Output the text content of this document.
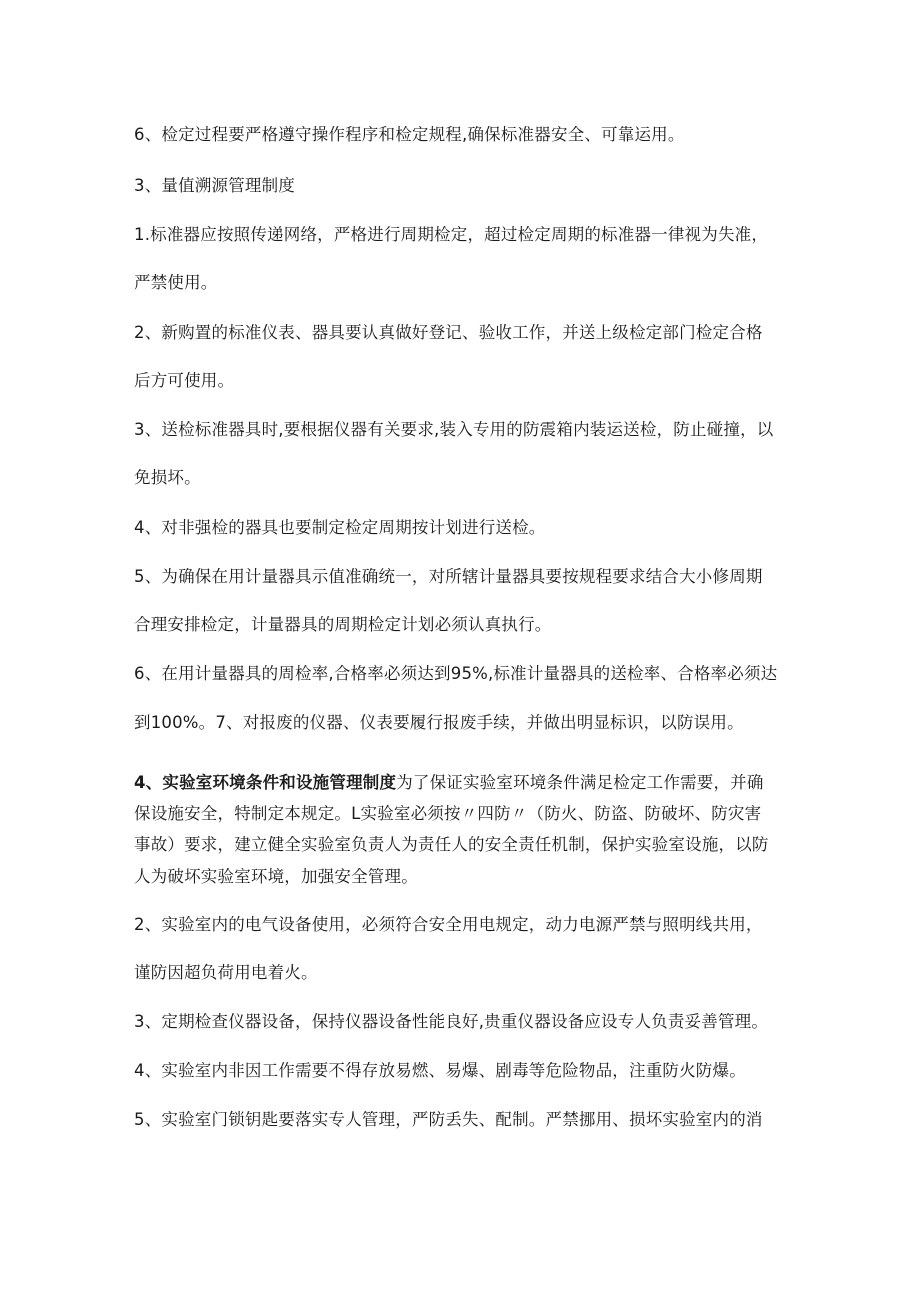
6、检定过程要严格遵守操作程序和检定规程,确保标准器安全、可靠运用。
3、量值溯源管理制度
1.标准器应按照传递网络，严格进行周期检定，超过检定周期的标准器一律视为失准，
严禁使用。
2、新购置的标准仪表、器具要认真做好登记、验收工作，并送上级检定部门检定合格
后方可使用。
3、送检标准器具时,要根据仪器有关要求,装入专用的防震箱内装运送检，防止碰撞，以
免损坏。
4、对非强检的器具也要制定检定周期按计划进行送检。
5、为确保在用计量器具示值准确统一，对所辖计量器具要按规程要求结合大小修周期
合理安排检定，计量器具的周期检定计划必须认真执行。
6、在用计量器具的周检率,合格率必须达到95%,标准计量器具的送检率、合格率必须达
到100%。7、对报废的仪器、仪表要履行报废手续，并做出明显标识，以防误用。
4、实验室环境条件和设施管理制度为了保证实验室环境条件满足检定工作需要，并确
保设施安全，特制定本规定。L实验室必须按〃四防〃（防火、防盗、防破坏、防灾害
事故）要求，建立健全实验室负责人为责任人的安全责任机制，保护实验室设施，以防
人为破坏实验室环境，加强安全管理。
2、实验室内的电气设备使用，必须符合安全用电规定，动力电源严禁与照明线共用，
谨防因超负荷用电着火。
3、定期检查仪器设备，保持仪器设备性能良好,贵重仪器设备应设专人负责妥善管理。
4、实验室内非因工作需要不得存放易燃、易爆、剧毒等危险物品，注重防火防爆。
5、实验室门锁钥匙要落实专人管理，严防丢失、配制。严禁挪用、损坏实验室内的消
